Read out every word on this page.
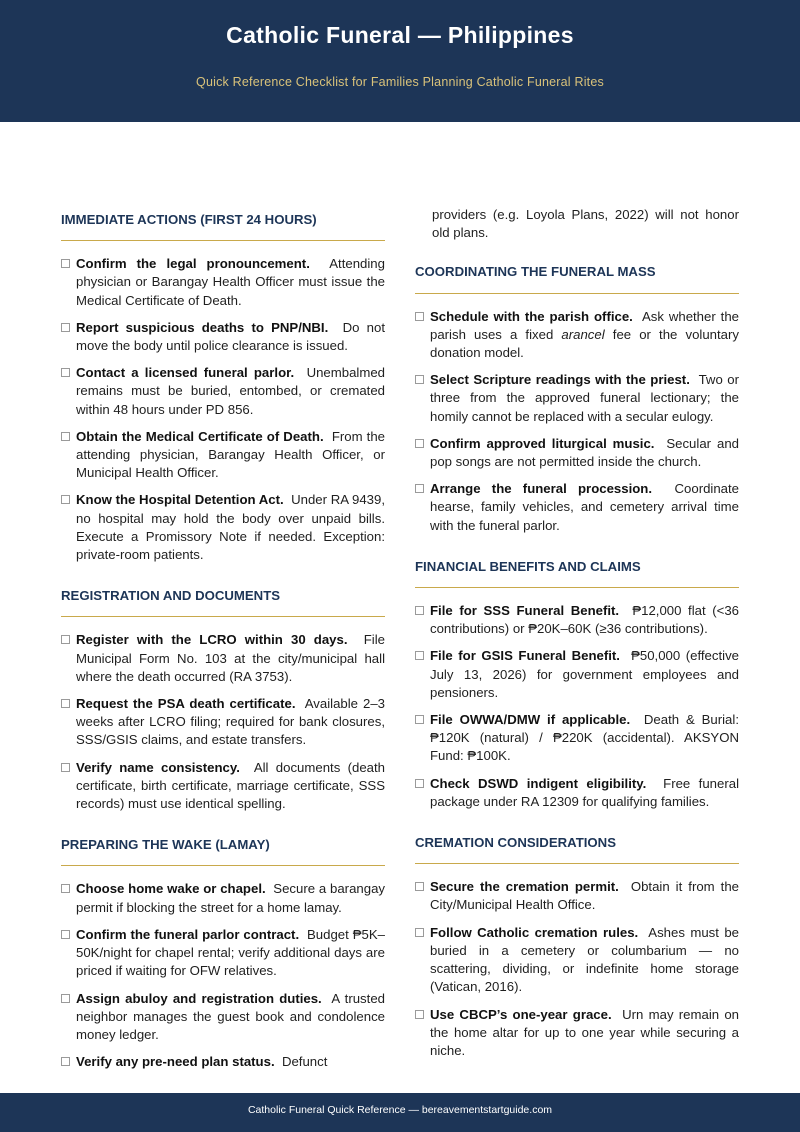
Catholic Funeral — Philippines
Quick Reference Checklist for Families Planning Catholic Funeral Rites
IMMEDIATE ACTIONS (FIRST 24 HOURS)
Confirm the legal pronouncement. Attending physician or Barangay Health Officer must issue the Medical Certificate of Death.
Report suspicious deaths to PNP/NBI. Do not move the body until police clearance is issued.
Contact a licensed funeral parlor. Unembalmed remains must be buried, entombed, or cremated within 48 hours under PD 856.
Obtain the Medical Certificate of Death. From the attending physician, Barangay Health Officer, or Municipal Health Officer.
Know the Hospital Detention Act. Under RA 9439, no hospital may hold the body over unpaid bills. Execute a Promissory Note if needed. Exception: private-room patients.
REGISTRATION AND DOCUMENTS
Register with the LCRO within 30 days. File Municipal Form No. 103 at the city/municipal hall where the death occurred (RA 3753).
Request the PSA death certificate. Available 2–3 weeks after LCRO filing; required for bank closures, SSS/GSIS claims, and estate transfers.
Verify name consistency. All documents (death certificate, birth certificate, marriage certificate, SSS records) must use identical spelling.
PREPARING THE WAKE (LAMAY)
Choose home wake or chapel. Secure a barangay permit if blocking the street for a home lamay.
Confirm the funeral parlor contract. Budget ₱5K–50K/night for chapel rental; verify additional days are priced if waiting for OFW relatives.
Assign abuloy and registration duties. A trusted neighbor manages the guest book and condolence money ledger.
Verify any pre-need plan status. Defunct
providers (e.g. Loyola Plans, 2022) will not honor old plans.
COORDINATING THE FUNERAL MASS
Schedule with the parish office. Ask whether the parish uses a fixed arancel fee or the voluntary donation model.
Select Scripture readings with the priest. Two or three from the approved funeral lectionary; the homily cannot be replaced with a secular eulogy.
Confirm approved liturgical music. Secular and pop songs are not permitted inside the church.
Arrange the funeral procession. Coordinate hearse, family vehicles, and cemetery arrival time with the funeral parlor.
FINANCIAL BENEFITS AND CLAIMS
File for SSS Funeral Benefit. ₱12,000 flat (<36 contributions) or ₱20K–60K (≥36 contributions).
File for GSIS Funeral Benefit. ₱50,000 (effective July 13, 2026) for government employees and pensioners.
File OWWA/DMW if applicable. Death & Burial: ₱120K (natural) / ₱220K (accidental). AKSYON Fund: ₱100K.
Check DSWD indigent eligibility. Free funeral package under RA 12309 for qualifying families.
CREMATION CONSIDERATIONS
Secure the cremation permit. Obtain it from the City/Municipal Health Office.
Follow Catholic cremation rules. Ashes must be buried in a cemetery or columbarium — no scattering, dividing, or indefinite home storage (Vatican, 2016).
Use CBCP’s one-year grace. Urn may remain on the home altar for up to one year while securing a niche.
Catholic Funeral Quick Reference — bereavementstartguide.com
